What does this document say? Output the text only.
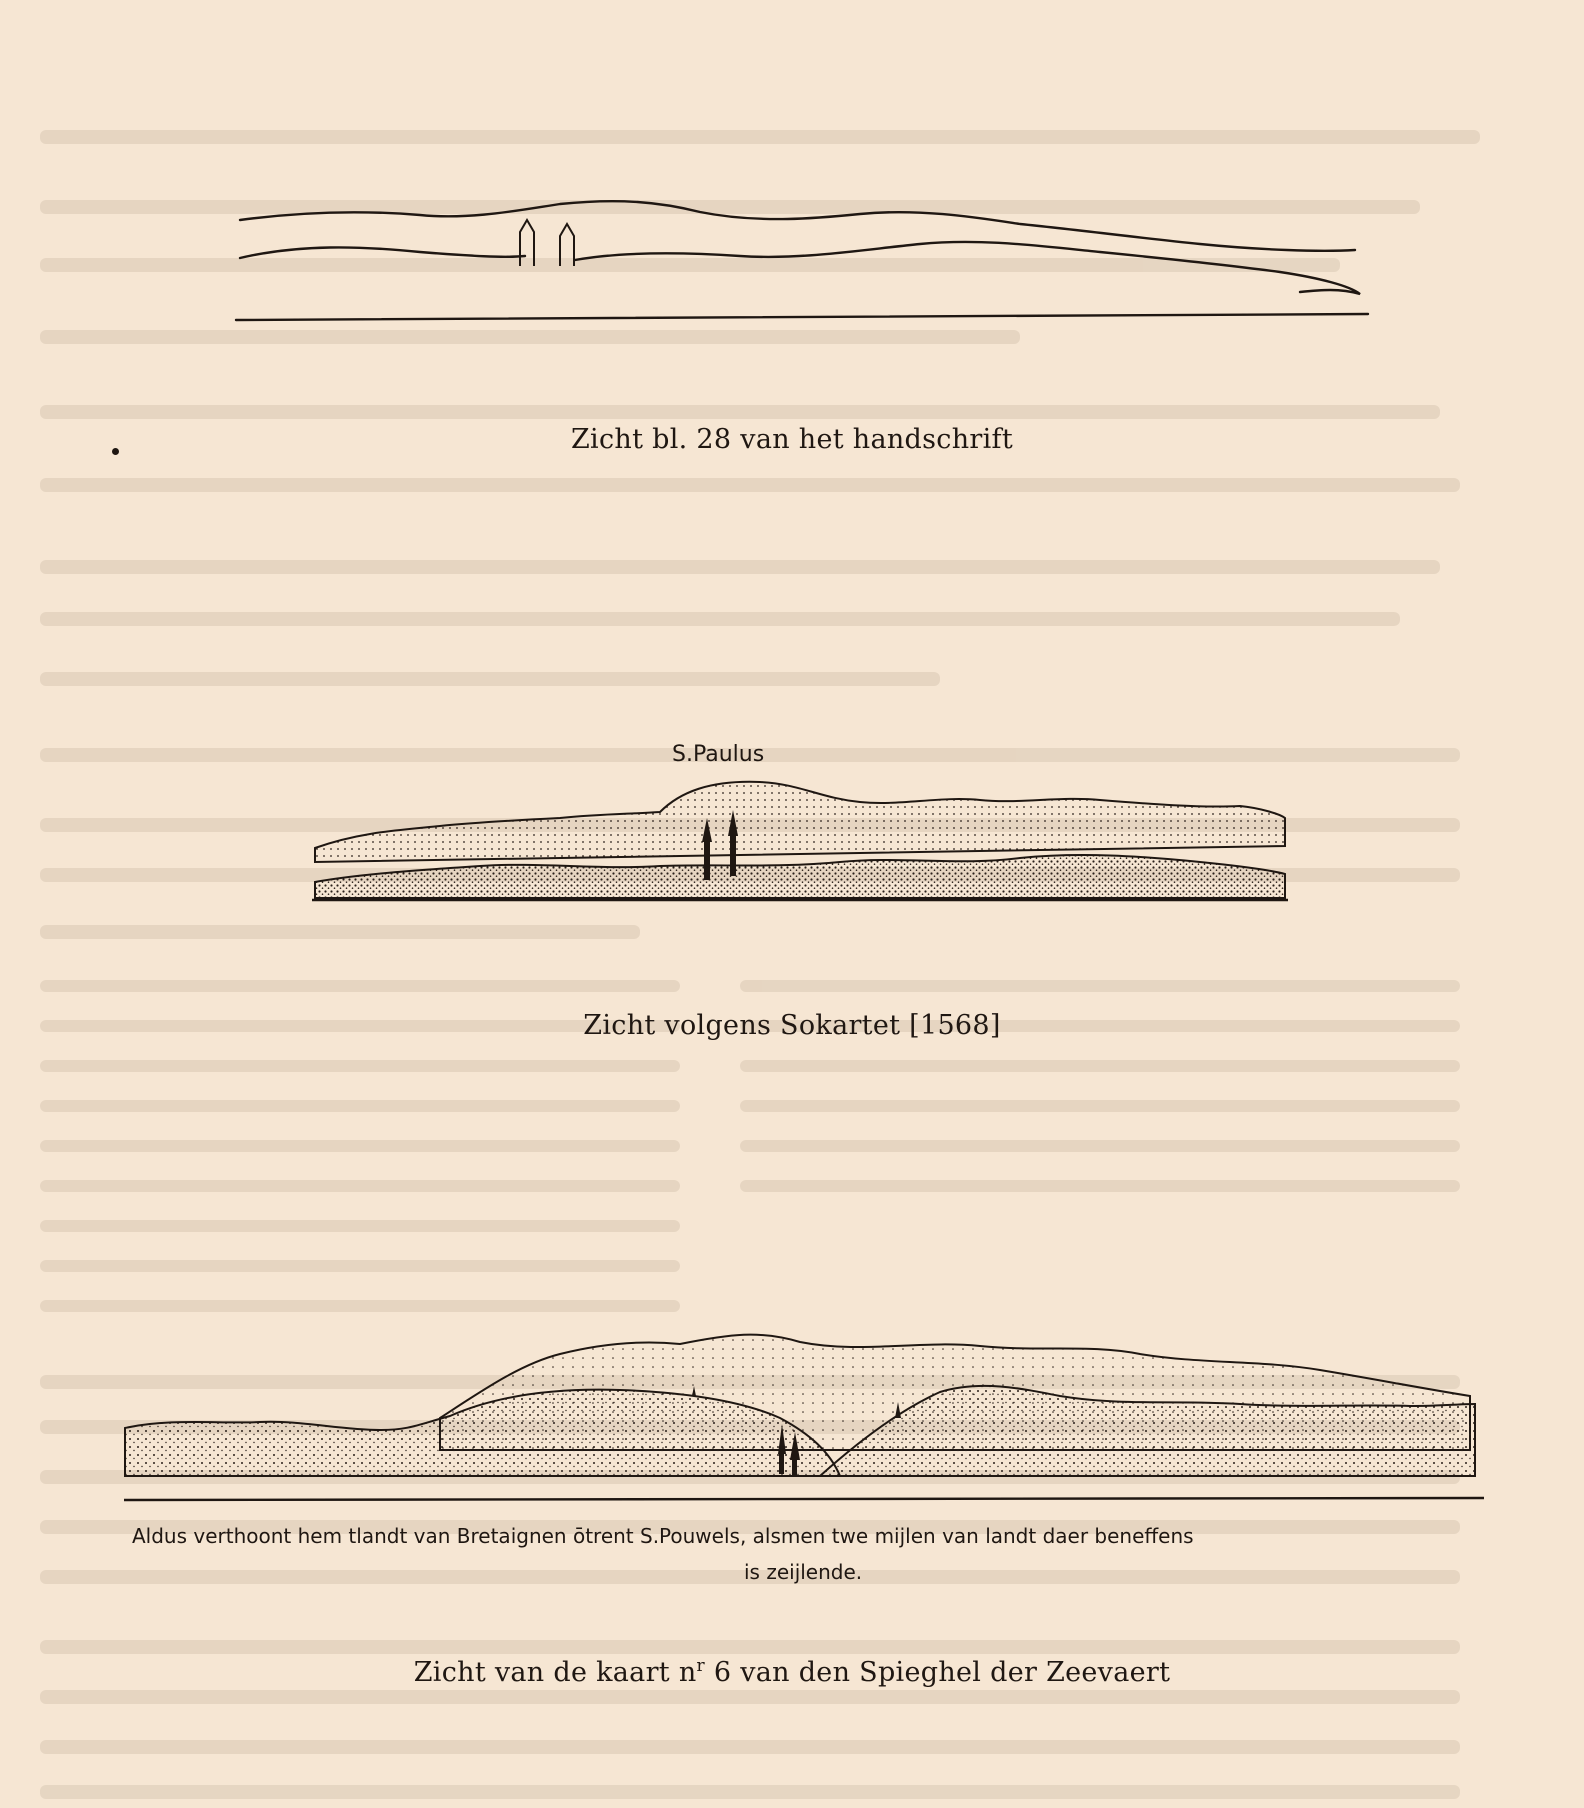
Zicht bl. 28 van het handschrift
S.Paulus
Zicht volgens Sokartet [1568]
Aldus verthoont hem tlandt van Bretaignen ōtrent S.Pouwels, alsmen twe mijlen van landt daer beneffens
is zeijlende.
Zicht van de kaart $n^r$ 6 van den Spieghel der Zeevaert
